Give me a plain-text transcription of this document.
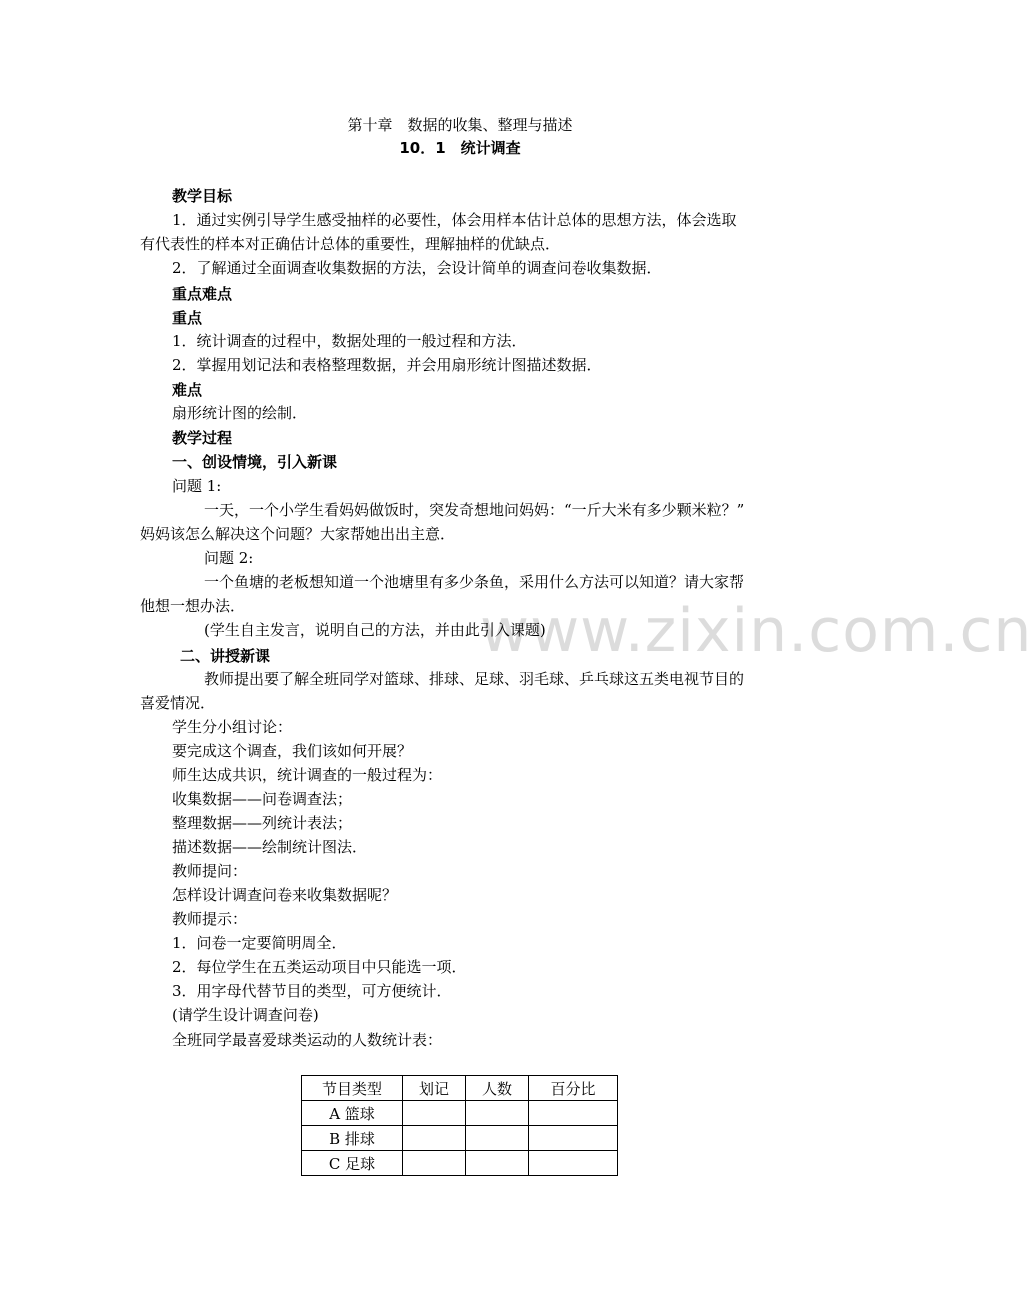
www.zixin.com.cn
第十章　数据的收集、整理与描述
10．1　统计调查
教学目标
1．通过实例引导学生感受抽样的必要性，体会用样本估计总体的思想方法，体会选取
有代表性的样本对正确估计总体的重要性，理解抽样的优缺点．
2．了解通过全面调查收集数据的方法，会设计简单的调查问卷收集数据．
重点难点
重点
1．统计调查的过程中，数据处理的一般过程和方法．
2．掌握用划记法和表格整理数据，并会用扇形统计图描述数据．
难点
扇形统计图的绘制．
教学过程
一、创设情境，引入新课
问题 1:
一天，一个小学生看妈妈做饭时，突发奇想地问妈妈：“一斤大米有多少颗米粒？”
妈妈该怎么解决这个问题？大家帮她出出主意．
问题 2:
一个鱼塘的老板想知道一个池塘里有多少条鱼，采用什么方法可以知道？请大家帮
他想一想办法．
(学生自主发言，说明自己的方法，并由此引入课题)
二、讲授新课
教师提出要了解全班同学对篮球、排球、足球、羽毛球、乒乓球这五类电视节目的
喜爱情况．
学生分小组讨论：
要完成这个调查，我们该如何开展？
师生达成共识，统计调查的一般过程为：
收集数据——问卷调查法；
整理数据——列统计表法；
描述数据——绘制统计图法．
教师提问：
怎样设计调查问卷来收集数据呢？
教师提示：
1．问卷一定要简明周全．
2．每位学生在五类运动项目中只能选一项．
3．用字母代替节目的类型，可方便统计．
(请学生设计调查问卷)
全班同学最喜爱球类运动的人数统计表：
节目类型	划记	人数	百分比
A 篮球			
B 排球			
C 足球			
